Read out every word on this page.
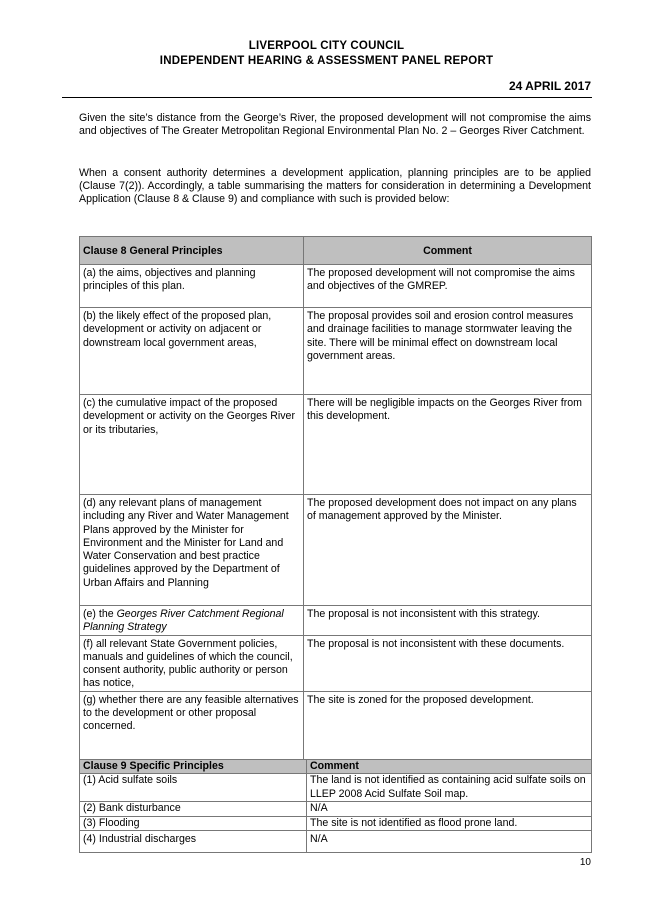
LIVERPOOL CITY COUNCIL
INDEPENDENT HEARING & ASSESSMENT PANEL REPORT
24 APRIL 2017
Given the site’s distance from the George’s River, the proposed development will not compromise the aims and objectives of The Greater Metropolitan Regional Environmental Plan No. 2 – Georges River Catchment.
When a consent authority determines a development application, planning principles are to be applied (Clause 7(2)). Accordingly, a table summarising the matters for consideration in determining a Development Application (Clause 8 & Clause 9) and compliance with such is provided below:
Clause 8 General Principles	Comment
(a) the aims, objectives and planning principles of this plan.	The proposed development will not compromise the aims and objectives of the GMREP.
(b) the likely effect of the proposed plan, development or activity on adjacent or downstream local government areas,	The proposal provides soil and erosion control measures and drainage facilities to manage stormwater leaving the site. There will be minimal effect on downstream local government areas.
(c) the cumulative impact of the proposed development or activity on the Georges River or its tributaries,	There will be negligible impacts on the Georges River from this development.
(d) any relevant plans of management including any River and Water Management Plans approved by the Minister for Environment and the Minister for Land and Water Conservation and best practice guidelines approved by the Department of Urban Affairs and Planning	The proposed development does not impact on any plans of management approved by the Minister.
(e) the Georges River Catchment Regional Planning Strategy	The proposal is not inconsistent with this strategy.
(f) all relevant State Government policies, manuals and guidelines of which the council, consent authority, public authority or person has notice,	The proposal is not inconsistent with these documents.
(g) whether there are any feasible alternatives to the development or other proposal concerned.	The site is zoned for the proposed development.
Clause 9 Specific Principles	Comment
(1) Acid sulfate soils	The land is not identified as containing acid sulfate soils on LLEP 2008 Acid Sulfate Soil map.
(2) Bank disturbance	N/A
(3) Flooding	The site is not identified as flood prone land.
(4) Industrial discharges	N/A
10
